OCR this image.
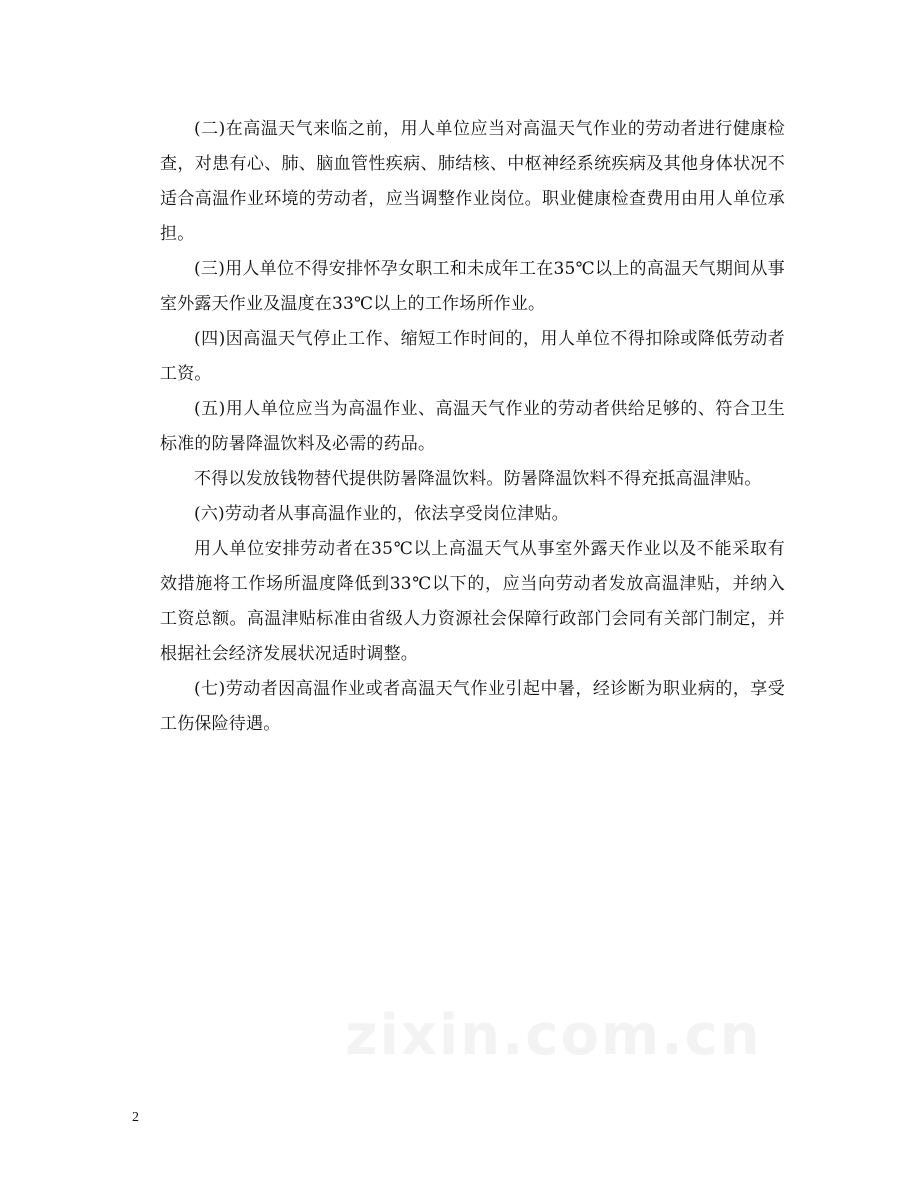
(二)在高温天气来临之前，用人单位应当对高温天气作业的劳动者进行健康检查，对患有心、肺、脑血管性疾病、肺结核、中枢神经系统疾病及其他身体状况不适合高温作业环境的劳动者，应当调整作业岗位。职业健康检查费用由用人单位承担。

(三)用人单位不得安排怀孕女职工和未成年工在35℃以上的高温天气期间从事室外露天作业及温度在33℃以上的工作场所作业。

(四)因高温天气停止工作、缩短工作时间的，用人单位不得扣除或降低劳动者工资。

(五)用人单位应当为高温作业、高温天气作业的劳动者供给足够的、符合卫生标准的防暑降温饮料及必需的药品。

不得以发放钱物替代提供防暑降温饮料。防暑降温饮料不得充抵高温津贴。

(六)劳动者从事高温作业的，依法享受岗位津贴。

用人单位安排劳动者在35℃以上高温天气从事室外露天作业以及不能采取有效措施将工作场所温度降低到33℃以下的，应当向劳动者发放高温津贴，并纳入工资总额。高温津贴标准由省级人力资源社会保障行政部门会同有关部门制定，并根据社会经济发展状况适时调整。

(七)劳动者因高温作业或者高温天气作业引起中暑，经诊断为职业病的，享受工伤保险待遇。

zixin.com.cn
2
